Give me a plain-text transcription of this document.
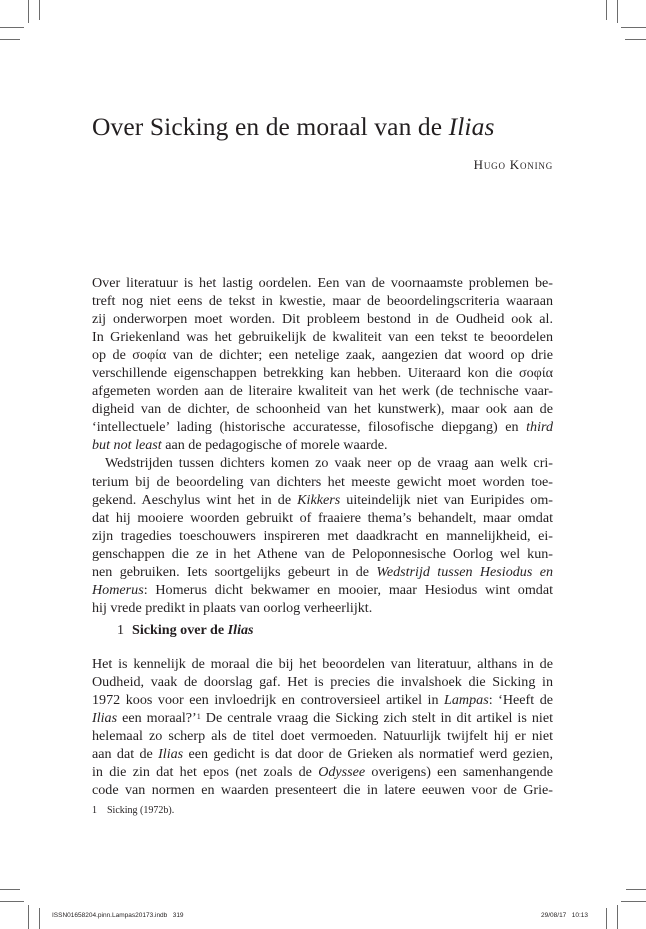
Over Sicking en de moraal van de Ilias
Hugo Koning

Over literatuur is het lastig oordelen. Een van de voornaamste problemen be-
treft nog niet eens de tekst in kwestie, maar de beoordelingscriteria waaraan
zij onderworpen moet worden. Dit probleem bestond in de Oudheid ook al.
In Griekenland was het gebruikelijk de kwaliteit van een tekst te beoordelen
op de σοφία van de dichter; een netelige zaak, aangezien dat woord op drie
verschillende eigenschappen betrekking kan hebben. Uiteraard kon die σοφία
afgemeten worden aan de literaire kwaliteit van het werk (de technische vaar-
digheid van de dichter, de schoonheid van het kunstwerk), maar ook aan de
‘intellectuele’ lading (historische accuratesse, filosofische diepgang) en third
but not least aan de pedagogische of morele waarde.

Wedstrijden tussen dichters komen zo vaak neer op de vraag aan welk cri-
terium bij de beoordeling van dichters het meeste gewicht moet worden toe-
gekend. Aeschylus wint het in de Kikkers uiteindelijk niet van Euripides om-
dat hij mooiere woorden gebruikt of fraaiere thema’s behandelt, maar omdat
zijn tragedies toeschouwers inspireren met daadkracht en mannelijkheid, ei-
genschappen die ze in het Athene van de Peloponnesische Oorlog wel kun-
nen gebruiken. Iets soortgelijks gebeurt in de Wedstrijd tussen Hesiodus en
Homerus: Homerus dicht bekwamer en mooier, maar Hesiodus wint omdat
hij vrede predikt in plaats van oorlog verheerlijkt.

1 Sicking over de Ilias

Het is kennelijk de moraal die bij het beoordelen van literatuur, althans in de
Oudheid, vaak de doorslag gaf. Het is precies die invalshoek die Sicking in
1972 koos voor een invloedrijk en controversieel artikel in Lampas: ‘Heeft de
Ilias een moraal?’$^1$ De centrale vraag die Sicking zich stelt in dit artikel is niet
helemaal zo scherp als de titel doet vermoeden. Natuurlijk twijfelt hij er niet
aan dat de Ilias een gedicht is dat door de Grieken als normatief werd gezien,
in die zin dat het epos (net zoals de Odyssee overigens) een samenhangende
code van normen en waarden presenteert die in latere eeuwen voor de Grie-

1 Sicking (1972b).
ISSN01658204.pinn.Lampas20173.indb   319	29/08/17   10:13
